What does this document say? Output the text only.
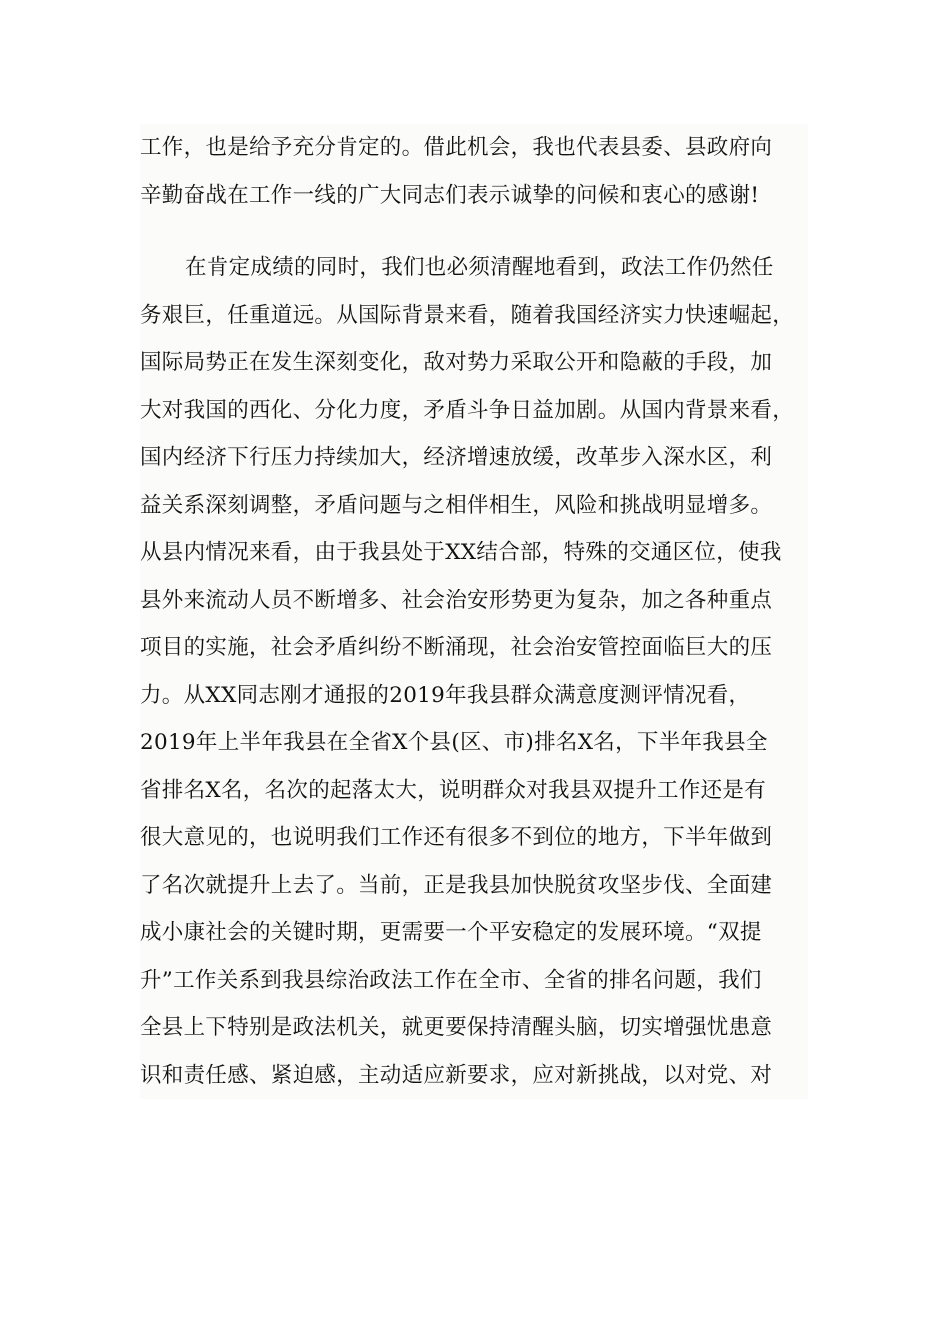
工作，也是给予充分肯定的。借此机会，我也代表县委、县政府向
辛勤奋战在工作一线的广大同志们表示诚挚的问候和衷心的感谢!

在肯定成绩的同时，我们也必须清醒地看到，政法工作仍然任
务艰巨，任重道远。从国际背景来看，随着我国经济实力快速崛起，
国际局势正在发生深刻变化，敌对势力采取公开和隐蔽的手段，加
大对我国的西化、分化力度，矛盾斗争日益加剧。从国内背景来看，
国内经济下行压力持续加大，经济增速放缓，改革步入深水区，利
益关系深刻调整，矛盾问题与之相伴相生，风险和挑战明显增多。
从县内情况来看，由于我县处于XX结合部，特殊的交通区位，使我
县外来流动人员不断增多、社会治安形势更为复杂，加之各种重点
项目的实施，社会矛盾纠纷不断涌现，社会治安管控面临巨大的压
力。从XX同志刚才通报的2019年我县群众满意度测评情况看，
2019年上半年我县在全省X个县(区、市)排名X名，下半年我县全
省排名X名，名次的起落太大，说明群众对我县双提升工作还是有
很大意见的，也说明我们工作还有很多不到位的地方，下半年做到
了名次就提升上去了。当前，正是我县加快脱贫攻坚步伐、全面建
成小康社会的关键时期，更需要一个平安稳定的发展环境。“双提
升”工作关系到我县综治政法工作在全市、全省的排名问题，我们
全县上下特别是政法机关，就更要保持清醒头脑，切实增强忧患意
识和责任感、紧迫感，主动适应新要求，应对新挑战，以对党、对
